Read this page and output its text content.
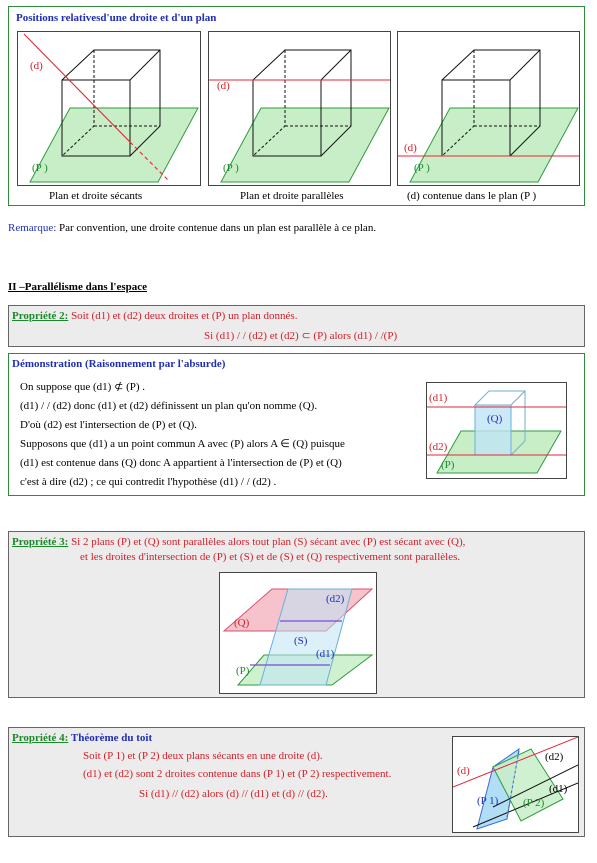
Positions relativesd'une droite et d'un plan
(d)
(P )
Plan et droite sécants
(d)
(P )
Plan et droite parallèles
(d)
(P )
(d) contenue dans le plan (P )
Remarque: Par convention, une droite contenue dans un plan est parallèle à ce plan.
II –Parallélisme dans l'espace
Propriété 2: Soit (d1) et (d2) deux droites et (P) un plan donnés.
Si (d1) / / (d2) et (d2) ⊂ (P) alors (d1) / /(P)
Démonstration (Raisonnement par l'absurde)
On suppose que (d1) ⊄ (P) .
(d1) / / (d2) donc (d1) et (d2) définissent un plan qu'on nomme (Q).
D'où (d2) est l'intersection de (P) et (Q).
Supposons que (d1) a un point commun A avec (P) alors A ∈ (Q) puisque
(d1) est contenue dans (Q) donc A appartient à l'intersection de (P) et (Q)
c'est à dire (d2) ; ce qui contredit l'hypothèse (d1) / / (d2) .
(d1)
(d2)
(Q)
(P)
Propriété 3: Si 2 plans (P) et (Q) sont parallèles alors tout plan (S) sécant avec (P) est sécant avec (Q),
et les droites d'intersection de (P) et (S) et de (S) et (Q) respectivement sont parallèles.
(Q)
(d2)
(S)
(d1)
(P)
Propriété 4: Théorème du toit
Soit (P 1) et (P 2) deux plans sécants en une droite (d).
(d1) et (d2) sont 2 droites contenue dans (P 1) et (P 2) respectivement.
Si (d1) // (d2) alors (d) // (d1) et (d) // (d2).
(d)
(d2)
(d1)
(P 1) (P 2)
